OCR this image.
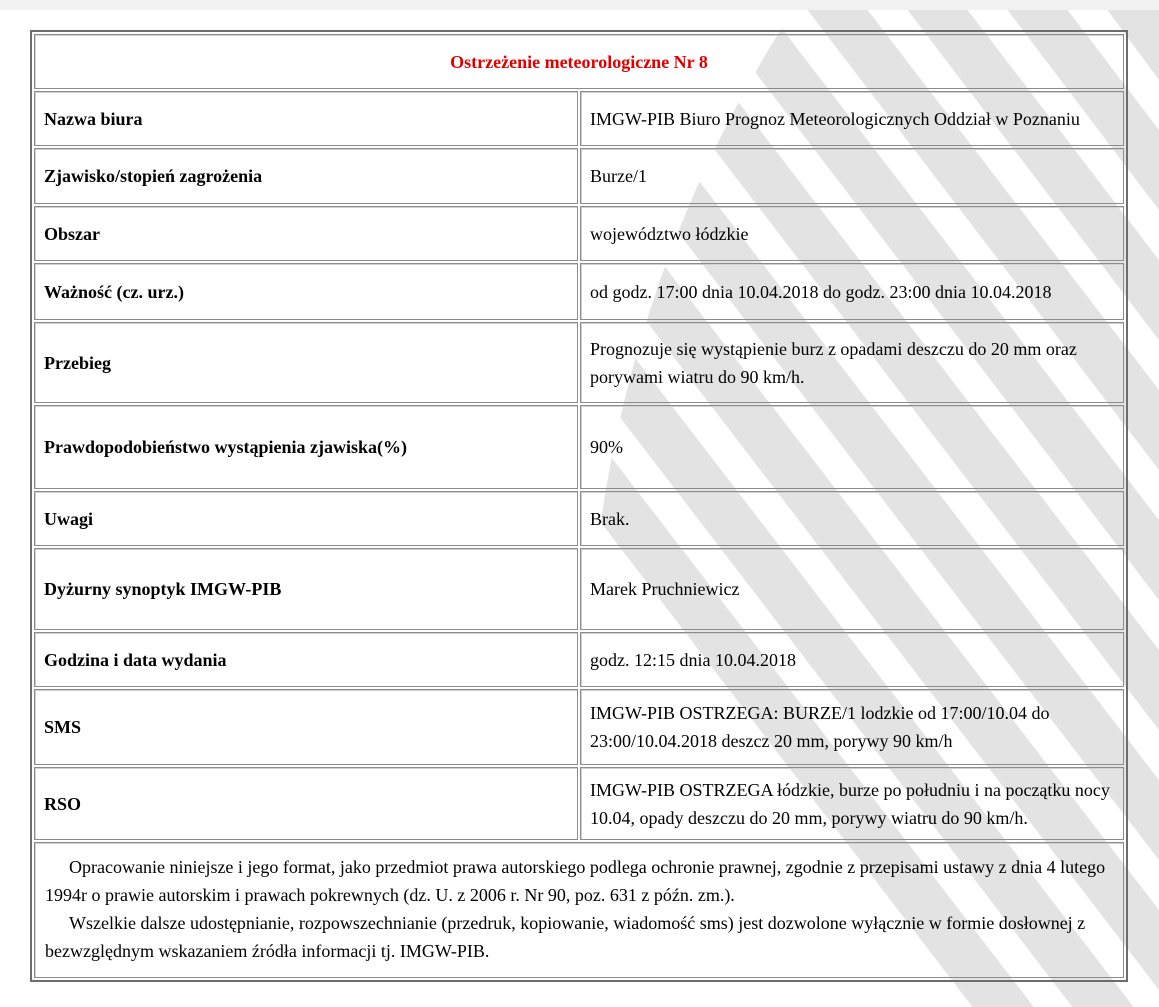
Ostrzeżenie meteorologiczne Nr 8	
Nazwa biura	IMGW-PIB Biuro Prognoz Meteorologicznych Oddział w Poznaniu
Zjawisko/stopień zagrożenia	Burze/1
Obszar	województwo łódzkie
Ważność (cz. urz.)	od godz. 17:00 dnia 10.04.2018 do godz. 23:00 dnia 10.04.2018
Przebieg	Prognozuje się wystąpienie burz z opadami deszczu do 20 mm oraz porywami wiatru do 90 km/h.
Prawdopodobieństwo wystąpienia zjawiska(%)	90%
Uwagi	Brak.
Dyżurny synoptyk IMGW-PIB	Marek Pruchniewicz
Godzina i data wydania	godz. 12:15 dnia 10.04.2018
SMS	IMGW-PIB OSTRZEGA: BURZE/1 lodzkie od 17:00/10.04 do 23:00/10.04.2018 deszcz 20 mm, porywy 90 km/h
RSO	IMGW-PIB OSTRZEGA łódzkie, burze po południu i na początku nocy 10.04, opady deszczu do 20 mm, porywy wiatru do 90 km/h.

Opracowanie niniejsze i jego format, jako przedmiot prawa autorskiego podlega ochronie prawnej, zgodnie z przepisami ustawy z dnia 4 lutego 1994r o prawie autorskim i prawach pokrewnych (dz. U. z 2006 r. Nr 90, poz. 631 z późn. zm.).

Wszelkie dalsze udostępnianie, rozpowszechnianie (przedruk, kopiowanie, wiadomość sms) jest dozwolone wyłącznie w formie dosłownej z bezwzględnym wskazaniem źródła informacji tj. IMGW-PIB.	
